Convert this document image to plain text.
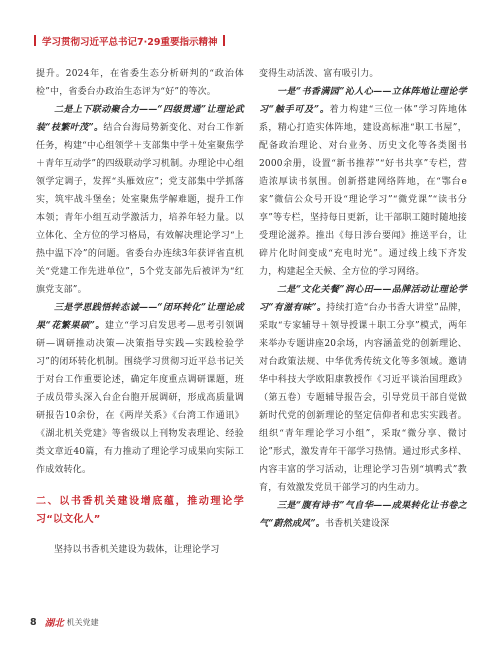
学习贯彻习近平总书记7·29重要指示精神

提升。2024年，在省委生态分析研判的“政治体检”中，省委台办政治生态评为“好”的等次。

二是上下联动聚合力——“四级贯通”让理论武装“枝繁叶茂”。结合台海局势新变化、对台工作新任务，构建“中心组领学＋支部集中学＋处室聚焦学＋青年互动学”的四级联动学习机制。办理论中心组领学定调子，发挥“头雁效应”；党支部集中学抓落实，筑牢战斗堡垒；处室聚焦学解难题，提升工作本领；青年小组互动学激活力，培养年轻力量。以立体化、全方位的学习格局，有效解决理论学习“上热中温下冷”的问题。省委台办连续3年获评省直机关“党建工作先进单位”，5个党支部先后被评为“红旗党支部”。

三是学思践悟转态诚——“闭环转化”让理论成果“花繁果硕”。建立“学习启发思考—思考引领调研—调研推动决策—决策指导实践—实践检验学习”的闭环转化机制。围绕学习贯彻习近平总书记关于对台工作重要论述，确定年度重点调研课题，班子成员带头深入台企台胞开展调研，形成高质量调研报告10余份，在《两岸关系》《台湾工作通讯》《湖北机关党建》等省级以上刊物发表理论、经验类文章近40篇，有力推动了理论学习成果向实际工作成效转化。

二、以书香机关建设增底蕴，推动理论学习“以文化人”

坚持以书香机关建设为载体，让理论学习

变得生动活泼、富有吸引力。

一是“书香满园”沁人心——立体阵地让理论学习“触手可及”。着力构建“三位一体”学习阵地体系，精心打造实体阵地，建设高标准“职工书屋”，配备政治理论、对台业务、历史文化等各类图书2000余册，设置“新书推荐”“好书共享”专栏，营造浓厚读书氛围。创新搭建网络阵地，在“鄂台e家”微信公众号开设“理论学习”“微党课”“读书分享”等专栏，坚持每日更新，让干部职工随时随地接受理论滋养。推出《每日涉台要闻》推送平台，让碎片化时间变成“充电时光”。通过线上线下齐发力，构建起全天候、全方位的学习网络。

二是“文化关餐”润心田——品牌活动让理论学习“有滋有味”。持续打造“台办书香大讲堂”品牌，采取“专家辅导＋领导授课＋职工分享”模式，两年来举办专题讲座20余场，内容涵盖党的创新理论、对台政策法规、中华优秀传统文化等多领域。邀请华中科技大学欧阳康教授作《习近平谈治国理政》（第五卷）专题辅导报告会，引导党员干部自觉做新时代党的创新理论的坚定信仰者和忠实实践者。组织“青年理论学习小组”，采取“微分享、微讨论”形式，激发青年干部学习热情。通过形式多样、内容丰富的学习活动，让理论学习告别“填鸭式”教育，有效激发党员干部学习的内生动力。

三是“腹有诗书”气自华——成果转化让书卷之气“蔚然成风”。书香机关建设深

8 湖北 机关党建
